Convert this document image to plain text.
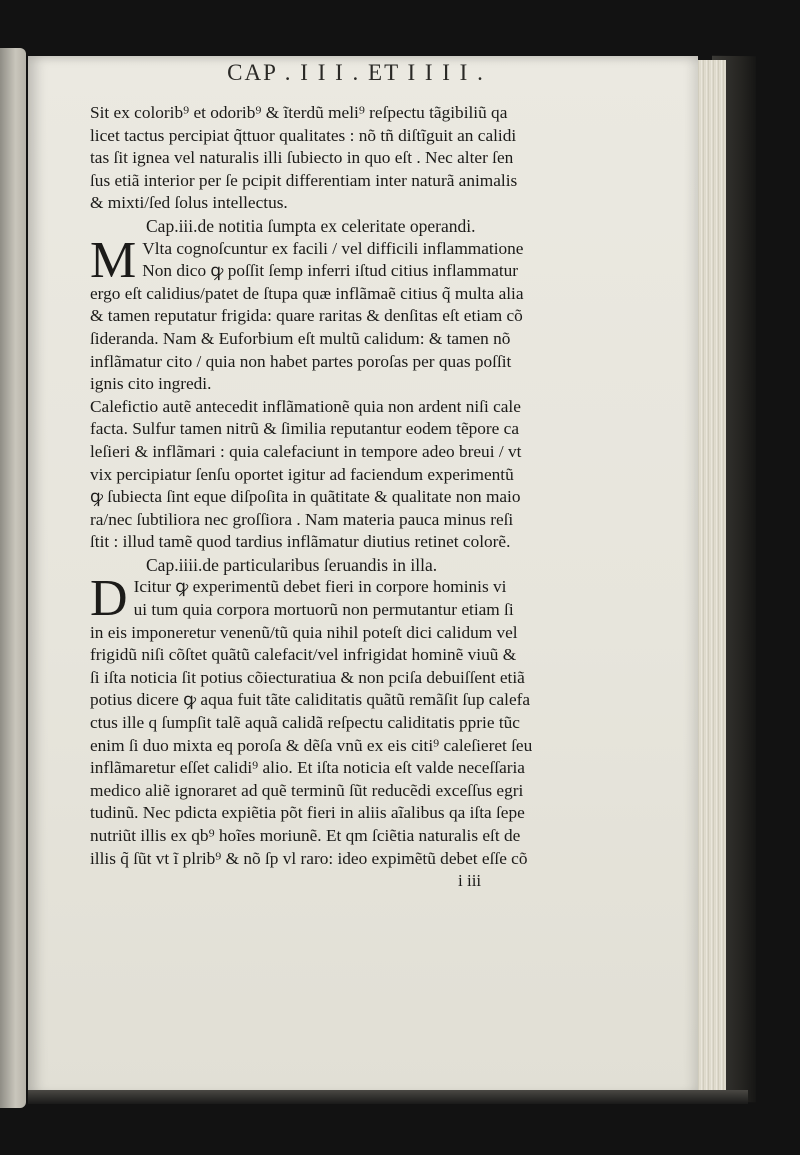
CAP . I I I . ET I I I I .
Sit ex colorib⁹ et odorib⁹ & ĩterdũ meli⁹ reſpectu tãgibiliũ qa
licet tactus percipiat q̃ttuor qualitates : nõ tñ diſtĩguit an calidi
tas ſit ignea vel naturalis illi ſubiecto in quo eſt . Nec alter ſen
ſus etiã interior per ſe pcipit differentiam inter naturã animalis
& mixti/ſed ſolus intellectus.
Cap.iii.de notitia ſumpta ex celeritate operandi.
M Vlta cognoſcuntur ex facili / vel difficili inflammatione
Non dico ꝙ poſſit ſemp inferri iſtud citius inflammatur
ergo eſt calidius/patet de ſtupa quæ inflãmaẽ citius q̃ multa alia
& tamen reputatur frigida: quare raritas & denſitas eſt etiam cõ
ſideranda. Nam & Euforbium eſt multũ calidum: & tamen nõ
inflãmatur cito / quia non habet partes poroſas per quas poſſit
ignis cito ingredi.
Calefictio autẽ antecedit inflãmationẽ quia non ardent niſi cale
facta. Sulfur tamen nitrũ & ſimilia reputantur eodem tẽpore ca
leſieri & inflãmari : quia calefaciunt in tempore adeo breui / vt
vix percipiatur ſenſu oportet igitur ad faciendum experimentũ
ꝙ ſubiecta ſint eque diſpoſita in quãtitate & qualitate non maio
ra/nec ſubtiliora nec groſſiora . Nam materia pauca minus reſi
ſtit : illud tamẽ quod tardius inflãmatur diutius retinet colorẽ.
Cap.iiii.de particularibus ſeruandis in illa.
D Icitur ꝙ experimentũ debet fieri in corpore hominis vi
ui tum quia corpora mortuorũ non permutantur etiam ſi
in eis imponeretur venenũ/tũ quia nihil poteſt dici calidum vel
frigidũ niſi cõſtet quãtũ calefacit/vel infrigidat hominẽ viuũ &
ſi iſta noticia ſit potius cõiecturatiua & non pciſa debuiſſent etiã
potius dicere ꝙ aqua fuit tãte caliditatis quãtũ remãſit ſup calefa
ctus ille q ſumpſit talẽ aquã calidã reſpectu caliditatis pprie tũc
enim ſi duo mixta eq poroſa & dẽſa vnũ ex eis citi⁹ caleſieret ſeu
inflãmaretur eſſet calidi⁹ alio. Et iſta noticia eſt valde neceſſaria
medico aliẽ ignoraret ad quẽ terminũ ſũt reducẽdi exceſſus egri
tudinũ. Nec pdicta expiẽtia põt fieri in aliis aĩalibus qa iſta ſepe
nutriũt illis ex qb⁹ hoĩes moriunẽ. Et qm ſciẽtia naturalis eſt de
illis q̃ ſũt vt ĩ plrib⁹ & nõ ſp vl raro: ideo expimẽtũ debet eſſe cõ
i iii
